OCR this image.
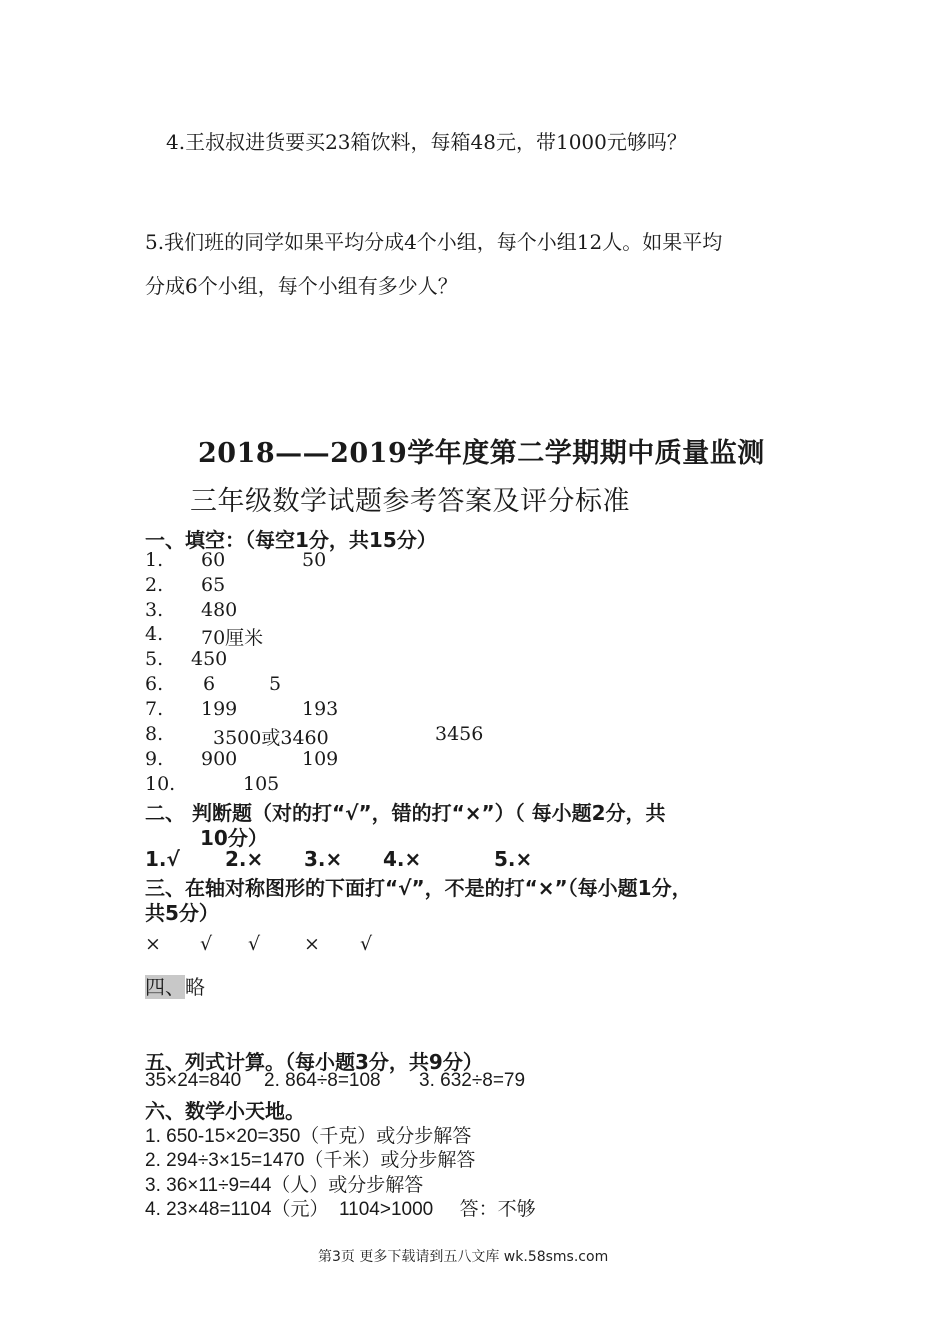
4.王叔叔进货要买23箱饮料，每箱48元，带1000元够吗？
5.我们班的同学如果平均分成4个小组，每个小组12人。如果平均
分成6个小组，每个小组有多少人？
2018——2019学年度第二学期期中质量监测
三年级数学试题参考答案及评分标准
一、填空：（每空1分，共15分）
1. 60	50
2. 65
3. 480
4. 70厘米
5. 450
6. 6	5
7. 199	193
8.	3500或3460	3456
9. 900	109
10.	105
二、 判断题（对的打“√”，错的打“×”）（ 每小题2分，共
10分）
1.√ 2.× 3.× 4.×	5.×
三、在轴对称图形的下面打“√”，不是的打“×”（每小题1分，
共5分）
× √ √ × √
四、略
五、列式计算。（每小题3分，共9分）
35×24=840 2. 864÷8=108 3. 632÷8=79
六、数学小天地。
1. 650-15×20=350（千克）或分步解答
2. 294÷3×15=1470（千米）或分步解答
3. 36×11÷9=44（人）或分步解答
4. 23×48=1104（元）  1104>1000     答：不够
第3页 更多下载请到五八文库 wk.58sms.com
